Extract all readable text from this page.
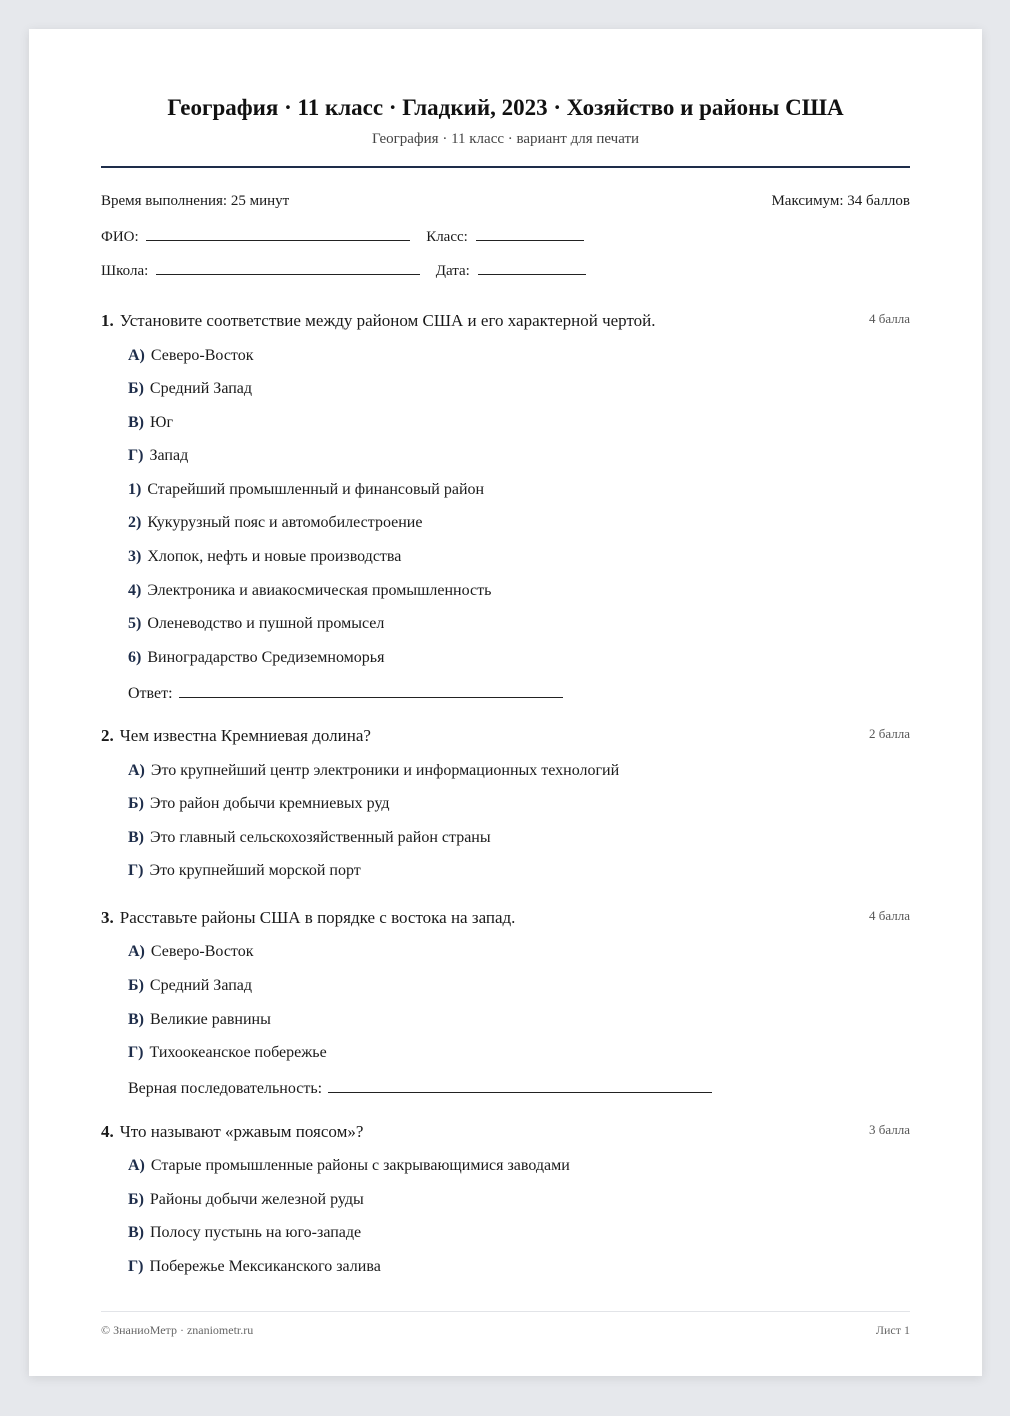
География · 11 класс · Гладкий, 2023 · Хозяйство и районы США
География · 11 класс · вариант для печати
Время выполнения: 25 минут	Максимум: 34 баллов
ФИО:	Класс:
Школа:	Дата:
1. Установите соответствие между районом США и его характерной чертой.	4 балла
А) Северо-Восток
Б) Средний Запад
В) Юг
Г) Запад
1) Старейший промышленный и финансовый район
2) Кукурузный пояс и автомобилестроение
3) Хлопок, нефть и новые производства
4) Электроника и авиакосмическая промышленность
5) Оленеводство и пушной промысел
6) Виноградарство Средиземноморья
Ответ:
2. Чем известна Кремниевая долина?	2 балла
А) Это крупнейший центр электроники и информационных технологий
Б) Это район добычи кремниевых руд
В) Это главный сельскохозяйственный район страны
Г) Это крупнейший морской порт
3. Расставьте районы США в порядке с востока на запад.	4 балла
А) Северо-Восток
Б) Средний Запад
В) Великие равнины
Г) Тихоокеанское побережье
Верная последовательность:
4. Что называют «ржавым поясом»?	3 балла
А) Старые промышленные районы с закрывающимися заводами
Б) Районы добычи железной руды
В) Полосу пустынь на юго-западе
Г) Побережье Мексиканского залива
© ЗнаниоМетр · znaniometr.ru	Лист 1
